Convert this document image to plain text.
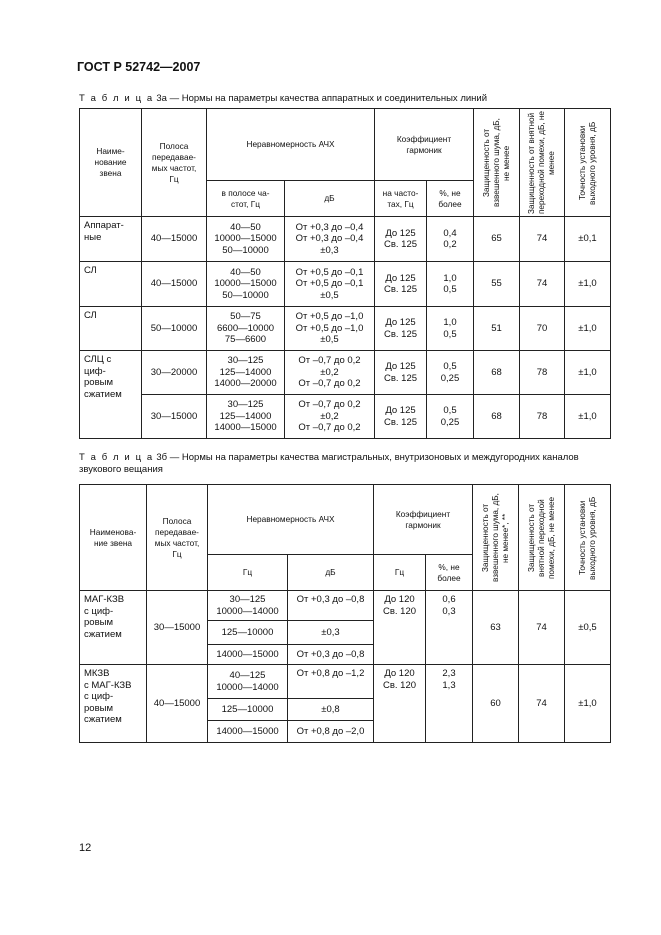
ГОСТ Р 52742—2007
Т а б л и ц а 3а — Нормы на параметры качества аппаратных и соединительных линий
Наиме-
нование
звена	Полоса
передавае-
мых частот,
Гц	Неравномерность АЧХ		Коэффициент
гармоник		Защищенность от взвешенного шума, дБ, не менее	Защищенность от внятной переходной помехи, дБ, не менее	Точность установки выходного уровня, дБ

		в полосе ча-
стот, Гц	дБ	на часто-
тах, Гц	%, не
более			

Аппарат-
ные	40—15000	40—50
10000—15000
50—10000	От +0,3 до –0,4
От +0,3 до –0,4
±0,3	До 125
Св. 125	0,4
0,2	65	74	±0,1

СЛ	40—15000	40—50
10000—15000
50—10000	От +0,5 до –0,1
От +0,5 до –0,1
±0,5	До 125
Св. 125	1,0
0,5	55	74	±1,0

СЛ	50—10000	50—75
6600—10000
75—6600	От +0,5 до –1,0
От +0,5 до –1,0
±0,5	До 125
Св. 125	1,0
0,5	51	70	±1,0

СЛЦ с
циф-
ровым
сжатием	30—20000	30—125
125—14000
14000—20000	От –0,7 до 0,2
±0,2
От –0,7 до 0,2	До 125
Св. 125	0,5
0,25	68	78	±1,0
	30—15000	30—125
125—14000
14000—15000	От –0,7 до 0,2
±0,2
От –0,7 до 0,2	До 125
Св. 125	0,5
0,25	68	78	±1,0
Т а б л и ц а 3б — Нормы на параметры качества магистральных, внутризоновых и междугородних каналов звукового вещания
Наименова-
ние звена	Полоса
передавае-
мых частот,
Гц	Неравномерность АЧХ		Коэффициент
гармоник		Защищенность от взвешенного шума, дБ, не менее*, **	Защищенность от внятной переходной помехи, дБ, не менее	Точность установки выходного уровня, дБ

		Гц	дБ	Гц	%, не
более			

МАГ-КЗВ
с циф-
ровым
сжатием	30—15000	30—125
10000—14000	От +0,3 до –0,8	До 120
Св. 120	0,6
0,3	63	74	±0,5

		125—10000	±0,3					

		14000—15000	От +0,3 до –0,8					

МКЗВ
с МАГ-КЗВ
с циф-
ровым
сжатием	40—15000	40—125
10000—14000	От +0,8 до –1,2	До 120
Св. 120	2,3
1,3	60	74	±1,0

		125—10000	±0,8					

		14000—15000	От +0,8 до –2,0					
12
